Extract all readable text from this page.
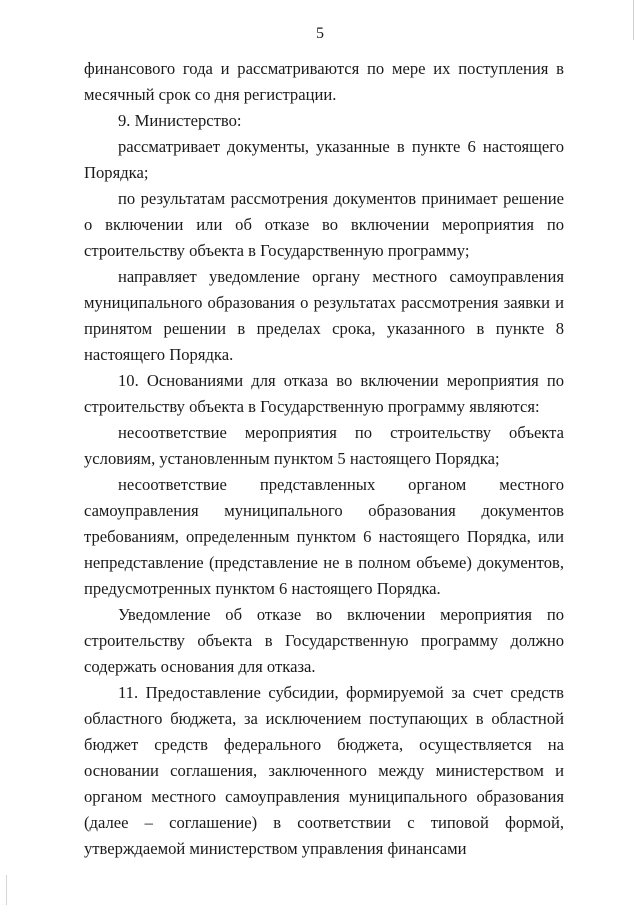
5

финансового года и рассматриваются по мере их поступления в месячный срок со дня регистрации.

9. Министерство:

рассматривает документы, указанные в пункте 6 настоящего Порядка;

по результатам рассмотрения документов принимает решение о включении или об отказе во включении мероприятия по строительству объекта в Государственную программу;

направляет уведомление органу местного самоуправления муниципального образования о результатах рассмотрения заявки и принятом решении в пределах срока, указанного в пункте 8 настоящего Порядка.

10. Основаниями для отказа во включении мероприятия по строительству объекта в Государственную программу являются:

несоответствие мероприятия по строительству объекта условиям, установленным пунктом 5 настоящего Порядка;

несоответствие представленных органом местного самоуправления муниципального образования документов требованиям, определенным пунктом 6 настоящего Порядка, или непредставление (представление не в полном объеме) документов, предусмотренных пунктом 6 настоящего Порядка.

Уведомление об отказе во включении мероприятия по строительству объекта в Государственную программу должно содержать основания для отказа.

11. Предоставление субсидии, формируемой за счет средств областного бюджета, за исключением поступающих в областной бюджет средств федерального бюджета, осуществляется на основании соглашения, заключенного между министерством и органом местного самоуправления муниципального образования (далее – соглашение) в соответствии с типовой формой, утверждаемой министерством управления финансами
